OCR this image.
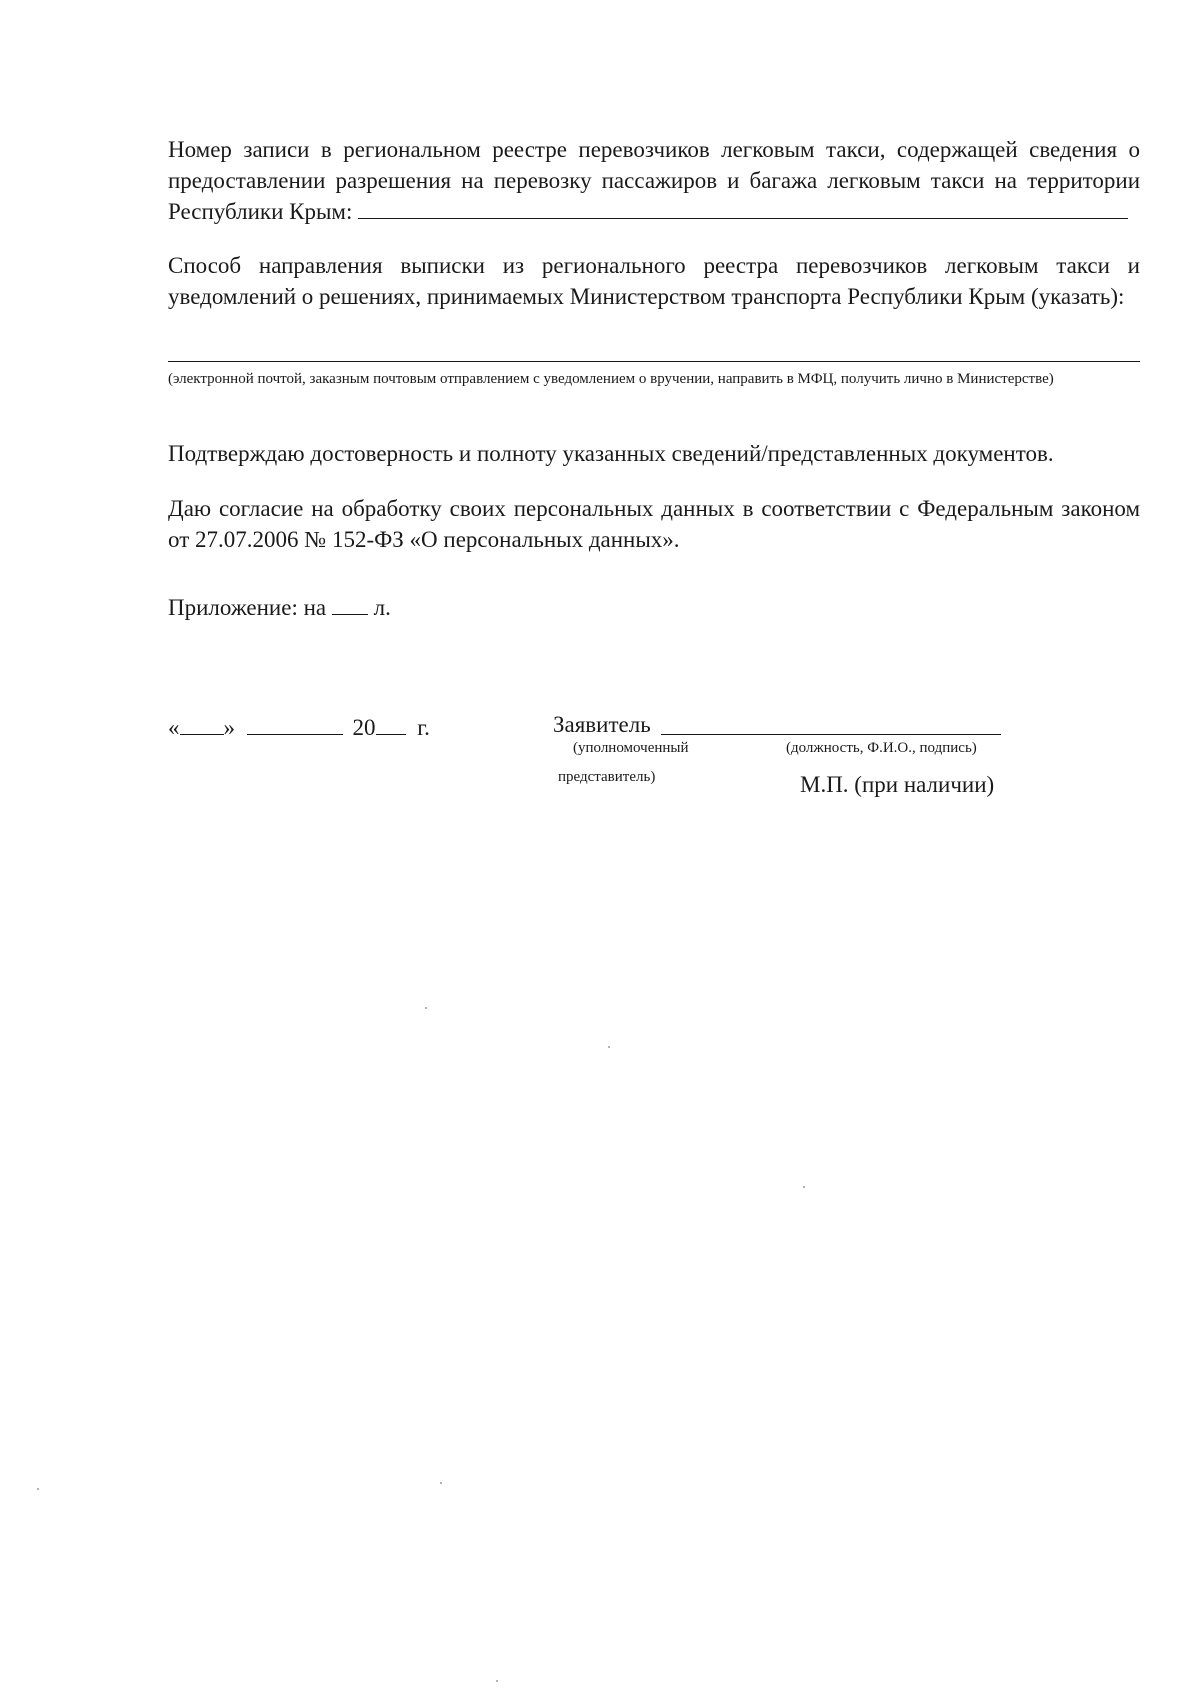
Номер записи в региональном реестре перевозчиков легковым такси, содержащей сведения о предоставлении разрешения на перевозку пассажиров и багажа легковым такси на территории Республики Крым:
Способ направления выписки из регионального реестра перевозчиков легковым такси и уведомлений о решениях, принимаемых Министерством транспорта Республики Крым (указать):
(электронной почтой, заказным почтовым отправлением с уведомлением о вручении, направить в МФЦ, получить лично в Министерстве)
Подтверждаю достоверность и полноту указанных сведений/представленных документов.
Даю согласие на обработку своих персональных данных в соответствии с Федеральным законом от 27.07.2006 № 152-ФЗ «О персональных данных».
Приложение: на л.
« »	20 г.	Заявитель
(уполномоченный	(должность, Ф.И.О., подпись)
представитель)	М.П. (при наличии)
